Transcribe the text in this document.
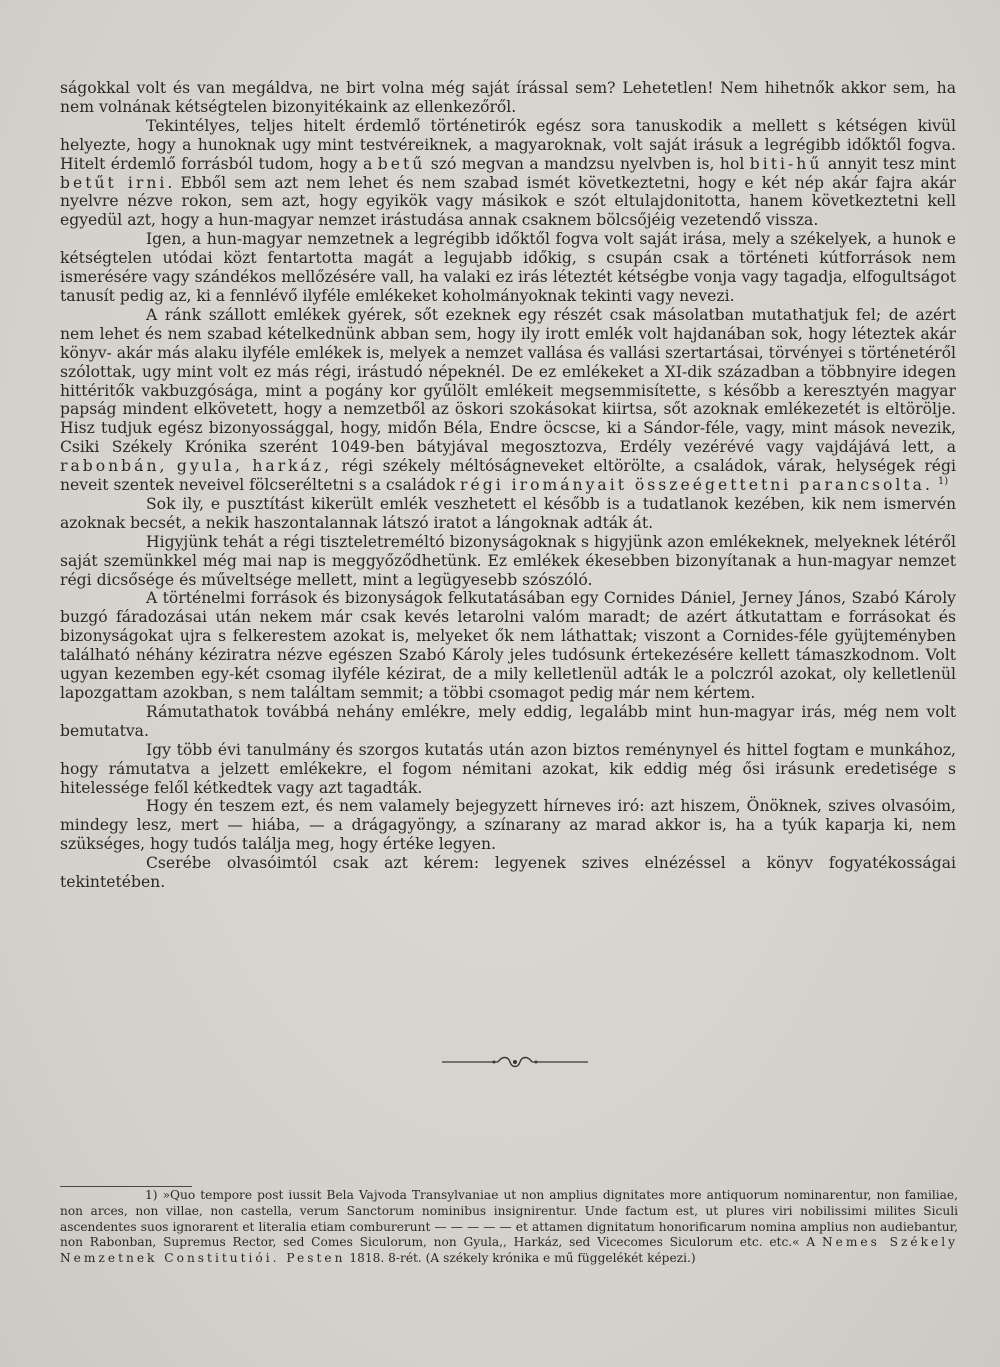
ságokkal volt és van megáldva, ne birt volna még saját írással sem? Lehetetlen! Nem hihetnők akkor sem, ha nem volnának kétségtelen bizonyitékaink az ellenkezőről.

Tekintélyes, teljes hitelt érdemlő történetirók egész sora tanuskodik a mellett s kétségen kivül helyezte, hogy a hunoknak ugy mint testvéreiknek, a magyaroknak, volt saját irásuk a legrégibb időktől fogva. Hitelt érdemlő forrásból tudom, hogy a betű szó megvan a mandzsu nyelvben is, hol biti-hű annyit tesz mint betűt irni. Ebből sem azt nem lehet és nem szabad ismét következtetni, hogy e két nép akár fajra akár nyelvre nézve rokon, sem azt, hogy egyikök vagy másikok e szót eltulajdonitotta, hanem következtetni kell egyedül azt, hogy a hun-magyar nemzet irástudása annak csaknem bölcsőjéig vezetendő vissza.

Igen, a hun-magyar nemzetnek a legrégibb időktől fogva volt saját irása, mely a székelyek, a hunok e kétségtelen utódai közt fentartotta magát a legujabb időkig, s csupán csak a történeti kútforrások nem ismerésére vagy szándékos mellőzésére vall, ha valaki ez irás léteztét kétségbe vonja vagy tagadja, elfogultságot tanusít pedig az, ki a fennlévő ilyféle emlékeket koholmányoknak tekinti vagy nevezi.

A ránk szállott emlékek gyérek, sőt ezeknek egy részét csak másolatban mutathatjuk fel; de azért nem lehet és nem szabad kételkednünk abban sem, hogy ily irott emlék volt hajdanában sok, hogy léteztek akár könyv- akár más alaku ilyféle emlékek is, melyek a nemzet vallása és vallási szertartásai, törvényei s történetéről szólottak, ugy mint volt ez más régi, irástudó népeknél. De ez emlékeket a XI-dik században a többnyire idegen hittéritők vakbuzgósága, mint a pogány kor gyűlölt emlékeit megsemmisítette, s később a keresztyén magyar papság mindent elkövetett, hogy a nemzetből az öskori szokásokat kiirtsa, sőt azoknak emlékezetét is eltörölje. Hisz tudjuk egész bizonyossággal, hogy, midőn Béla, Endre öcscse, ki a Sándor-féle, vagy, mint mások nevezik, Csiki Székely Krónika szerént 1049-ben bátyjával megosztozva, Erdély vezérévé vagy vajdájává lett, a rabonbán, gyula, harkáz, régi székely méltóságneveket eltörölte, a családok, várak, helységek régi neveit szentek neveivel fölcseréltetni s a családok régi irományait összeégettetni parancsolta. $^{1)}$

Sok ily, e pusztítást kikerült emlék veszhetett el később is a tudatlanok kezében, kik nem ismervén azoknak becsét, a nekik haszontalannak látszó iratot a lángoknak adták át.

Higyjünk tehát a régi tiszteletreméltó bizonyságoknak s higyjünk azon emlékeknek, melyeknek létéről saját szemünkkel még mai nap is meggyőződhetünk. Ez emlékek ékesebben bizonyítanak a hun-magyar nemzet régi dicsősége és műveltsége mellett, mint a legügyesebb szószóló.

A történelmi források és bizonyságok felkutatásában egy Cornides Dániel, Jerney János, Szabó Károly buzgó fáradozásai után nekem már csak kevés letarolni valóm maradt; de azért átkutattam e forrásokat és bizonyságokat ujra s felkerestem azokat is, melyeket ők nem láthattak; viszont a Cornides-féle gyüjteményben található néhány kéziratra nézve egészen Szabó Károly jeles tudósunk értekezésére kellett támaszkodnom. Volt ugyan kezemben egy-két csomag ilyféle kézirat, de a mily kelletlenül adták le a polczról azokat, oly kelletlenül lapozgattam azokban, s nem találtam semmit; a többi csomagot pedig már nem kértem.

Rámutathatok továbbá nehány emlékre, mely eddig, legalább mint hun-magyar irás, még nem volt bemutatva.

Igy több évi tanulmány és szorgos kutatás után azon biztos reménynyel és hittel fogtam e munkához, hogy rámutatva a jelzett emlékekre, el fogom némitani azokat, kik eddig még ősi irásunk eredetisége s hitelessége felől kétkedtek vagy azt tagadták.

Hogy én teszem ezt, és nem valamely bejegyzett hírneves iró: azt hiszem, Önöknek, szives olvasóim, mindegy lesz, mert — hiába, — a drágagyöngy, a színarany az marad akkor is, ha a tyúk kaparja ki, nem szükséges, hogy tudós találja meg, hogy értéke legyen.

Cserébe olvasóimtól csak azt kérem: legyenek szives elnézéssel a könyv fogyatékosságai tekintetében.

1) »Quo tempore post iussit Bela Vajvoda Transylvaniae ut non amplius dignitates more antiquorum nominarentur, non familiae, non arces, non villae, non castella, verum Sanctorum nominibus insignirentur. Unde factum est, ut plures viri nobilissimi milites Siculi ascendentes suos ignorarent et literalia etiam comburerunt — — — — — et attamen dignitatum honorificarum nomina amplius non audiebantur, non Rabonban, Supremus Rector, sed Comes Siculorum, non Gyula,, Harkáz, sed Vicecomes Siculorum etc. etc.« A Nemes Székely Nemzetnek Constitutiói. Pesten 1818. 8-rét. (A székely krónika e mű függelékét képezi.)
